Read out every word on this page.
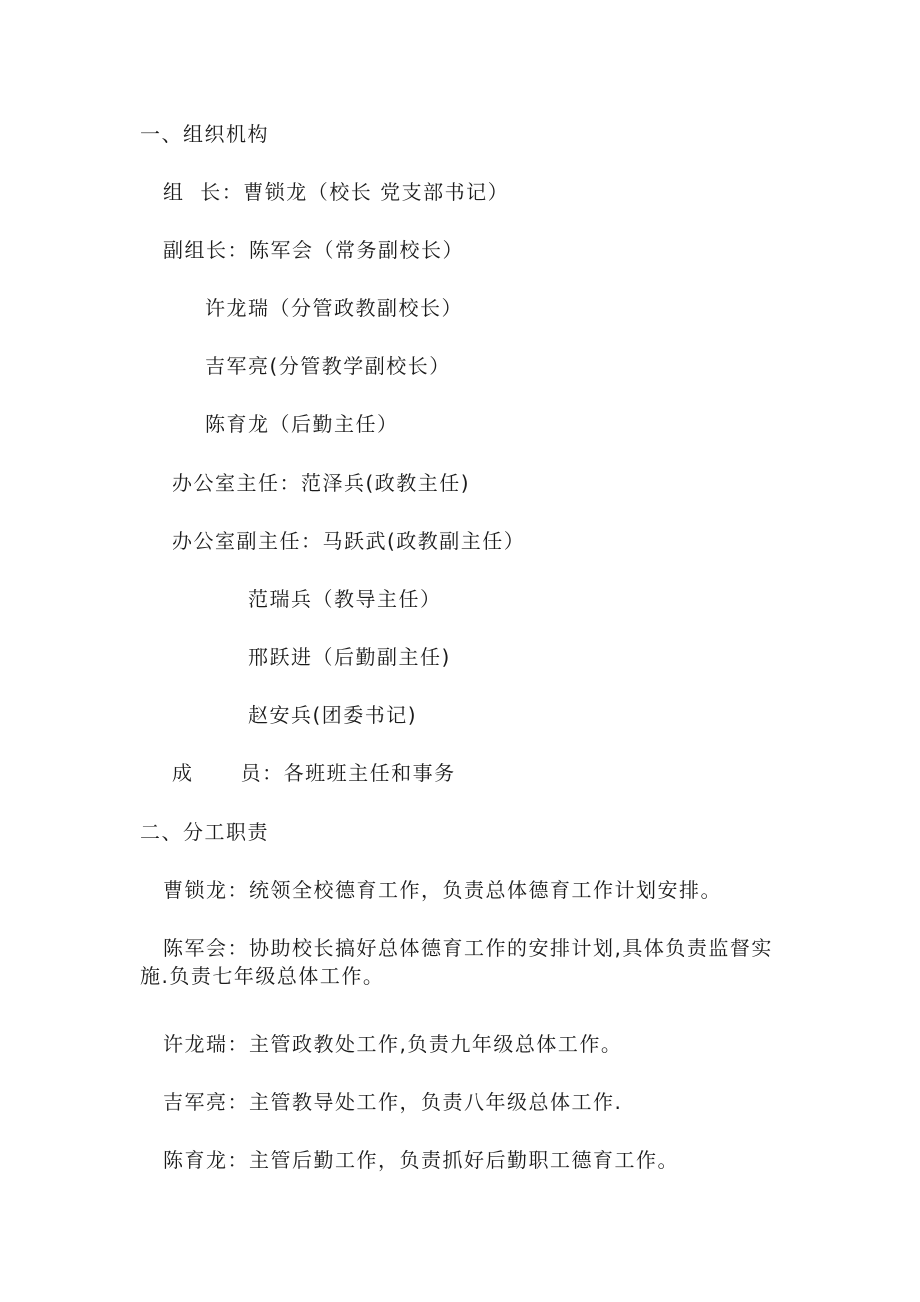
一、组织机构
组  长：曹锁龙（校长 党支部书记）
副组长：陈军会（常务副校长）
许龙瑞（分管政教副校长）
吉军亮(分管教学副校长）
陈育龙（后勤主任）
办公室主任：范泽兵(政教主任)
办公室副主任：马跃武(政教副主任）
范瑞兵（教导主任）
邢跃进（后勤副主任)
赵安兵(团委书记)
成      员：各班班主任和事务
二、分工职责
曹锁龙：统领全校德育工作，负责总体德育工作计划安排。
陈军会：协助校长搞好总体德育工作的安排计划,具体负责监督实施.负责七年级总体工作。
许龙瑞：主管政教处工作,负责九年级总体工作。
吉军亮：主管教导处工作，负责八年级总体工作.
陈育龙：主管后勤工作，负责抓好后勤职工德育工作。
